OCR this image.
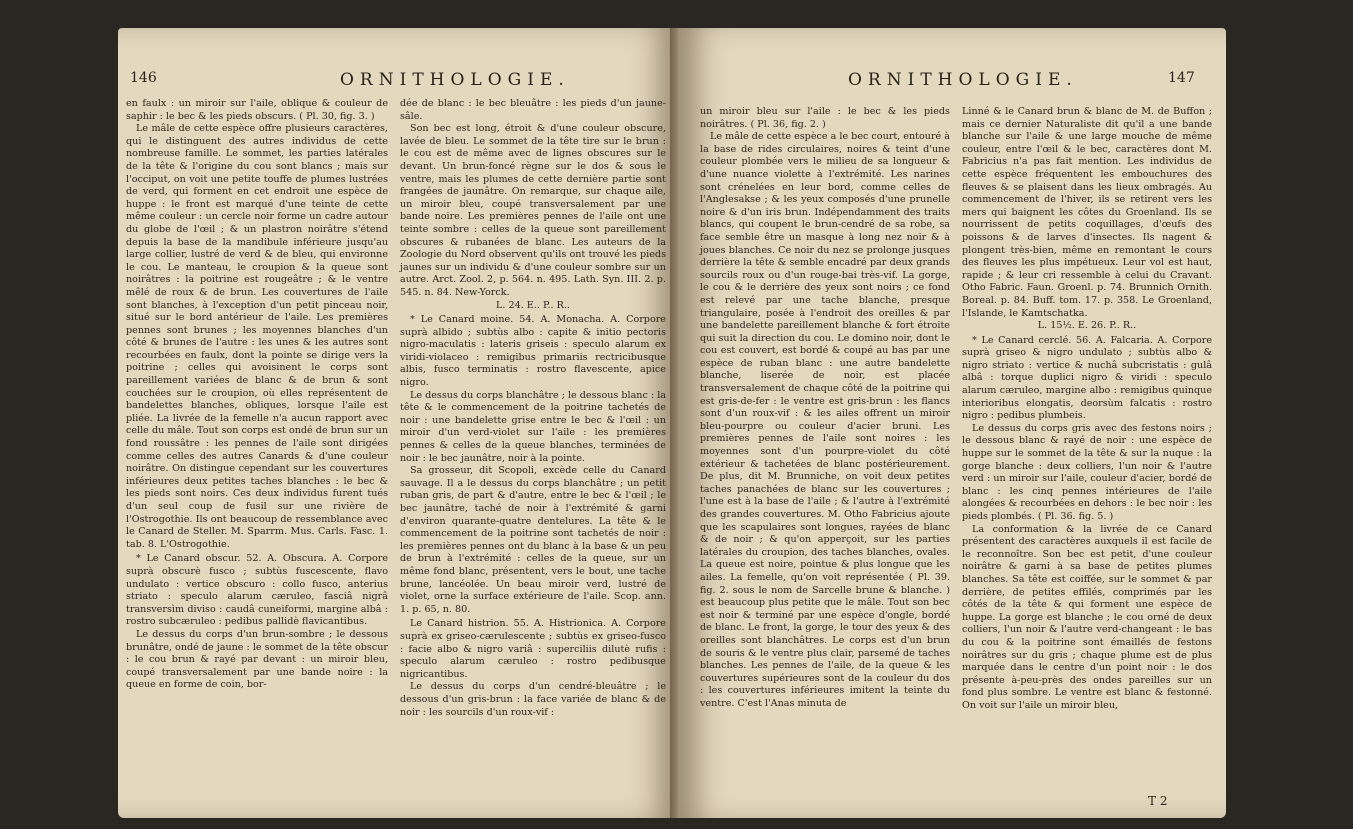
146	ORNITHOLOGIE.

en faulx : un miroir sur l'aile, oblique & couleur de saphir : le bec & les pieds obscurs. ( Pl. 30, fig. 3. )

Le mâle de cette espèce offre plusieurs caractères, qui le distinguent des autres individus de cette nombreuse famille. Le sommet, les parties latérales de la tête & l'origine du cou sont blancs ; mais sur l'occiput, on voit une petite touffe de plumes lustrées de verd, qui forment en cet endroit une espèce de huppe : le front est marqué d'une teinte de cette même couleur : un cercle noir forme un cadre autour du globe de l'œil ; & un plastron noirâtre s'étend depuis la base de la mandibule inférieure jusqu'au large collier, lustré de verd & de bleu, qui environne le cou. Le manteau, le croupion & la queue sont noirâtres : la poitrine est rougeâtre ; & le ventre mêlé de roux & de brun. Les couvertures de l'aile sont blanches, à l'exception d'un petit pinceau noir, situé sur le bord antérieur de l'aile. Les premières pennes sont brunes ; les moyennes blanches d'un côté & brunes de l'autre : les unes & les autres sont recourbées en faulx, dont la pointe se dirige vers la poitrine ; celles qui avoisinent le corps sont pareillement variées de blanc & de brun & sont couchées sur le croupion, où elles représentent de bandelettes blanches, obliques, lorsque l'aile est pliée. La livrée de la femelle n'a aucun rapport avec celle du mâle. Tout son corps est ondé de brun sur un fond roussâtre : les pennes de l'aile sont dirigées comme celles des autres Canards & d'une couleur noirâtre. On distingue cependant sur les couvertures inférieures deux petites taches blanches : le bec & les pieds sont noirs. Ces deux individus furent tués d'un seul coup de fusil sur une rivière de l'Ostrogothie. Ils ont beaucoup de ressemblance avec le Canard de Steller. M. Sparrm. Mus. Carls. Fasc. 1. tab. 8. L'Ostrogothie.

* Le Canard obscur. 52. A. Obscura. A. Corpore suprà obscurè fusco ; subtùs fuscescente, flavo undulato : vertice obscuro : collo fusco, anterius striato : speculo alarum cæruleo, fasciâ nigrâ transversìm diviso : caudâ cuneiformi, margine albâ : rostro subcæruleo : pedibus pallidè flavicantibus.

Le dessus du corps d'un brun-sombre ; le dessous brunâtre, ondé de jaune : le sommet de la tête obscur : le cou brun & rayé par devant : un miroir bleu, coupé transversalement par une bande noire : la queue en forme de coin, bor-

dée de blanc : le bec bleuâtre : les pieds d'un jaune-sâle.

Son bec est long, étroit & d'une couleur obscure, lavée de bleu. Le sommet de la tête tire sur le brun : le cou est de même avec de lignes obscures sur le devant. Un brun-foncé règne sur le dos & sous le ventre, mais les plumes de cette dernière partie sont frangées de jaunâtre. On remarque, sur chaque aile, un miroir bleu, coupé transversalement par une bande noire. Les premières pennes de l'aile ont une teinte sombre : celles de la queue sont pareillement obscures & rubanées de blanc. Les auteurs de la Zoologie du Nord observent qu'ils ont trouvé les pieds jaunes sur un individu & d'une couleur sombre sur un autre. Arct. Zool. 2, p. 564. n. 495. Lath. Syn. III. 2. p. 545. n. 84. New-Yorck.

L. 24. E.. P.. R..

* Le Canard moine. 54. A. Monacha. A. Corpore suprà albido ; subtùs albo : capite & initio pectoris nigro-maculatis : lateris griseis : speculo alarum ex viridi-violaceo : remigibus primariis rectricibusque albis, fusco terminatis : rostro flavescente, apice nigro.

Le dessus du corps blanchâtre ; le dessous blanc : la tête & le commencement de la poitrine tachetés de noir : une bandelette grise entre le bec & l'œil : un miroir d'un verd-violet sur l'aile : les premières pennes & celles de la queue blanches, terminées de noir : le bec jaunâtre, noir à la pointe.

Sa grosseur, dit Scopoli, excède celle du Canard sauvage. Il a le dessus du corps blanchâtre ; un petit ruban gris, de part & d'autre, entre le bec & l'œil ; le bec jaunâtre, taché de noir à l'extrémité & garni d'environ quarante-quatre dentelures. La tête & le commencement de la poitrine sont tachetés de noir : les premières pennes ont du blanc à la base & un peu de brun à l'extrémité : celles de la queue, sur un même fond blanc, présentent, vers le bout, une tache brune, lancéolée. Un beau miroir verd, lustré de violet, orne la surface extérieure de l'aile. Scop. ann. 1. p. 65, n. 80.

Le Canard histrion. 55. A. Histrionica. A. Corpore suprà ex griseo-cærulescente ; subtùs ex griseo-fusco : facie albo & nigro variâ : superciliis dilutè rufis : speculo alarum cæruleo : rostro pedibusque nigricantibus.

Le dessus du corps d'un cendré-bleuâtre ; le dessous d'un gris-brun : la face variée de blanc & de noir : les sourcils d'un roux-vif :

ORNITHOLOGIE.	147

un miroir bleu sur l'aile : le bec & les pieds noirâtres. ( Pl. 36, fig. 2. )

Le mâle de cette espèce a le bec court, entouré à la base de rides circulaires, noires & teint d'une couleur plombée vers le milieu de sa longueur & d'une nuance violette à l'extrémité. Les narines sont crénelées en leur bord, comme celles de l'Anglesakse ; & les yeux composés d'une prunelle noire & d'un iris brun. Indépendamment des traits blancs, qui coupent le brun-cendré de sa robe, sa face semble être un masque à long nez noir & à joues blanches. Ce noir du nez se prolonge jusques derrière la tête & semble encadré par deux grands sourcils roux ou d'un rouge-bai très-vif. La gorge, le cou & le derrière des yeux sont noirs ; ce fond est relevé par une tache blanche, presque triangulaire, posée à l'endroit des oreilles & par une bandelette pareillement blanche & fort étroite qui suit la direction du cou. Le domino noir, dont le cou est couvert, est bordé & coupé au bas par une espèce de ruban blanc : une autre bandelette blanche, liserée de noir, est placée transversalement de chaque côté de la poitrine qui est gris-de-fer : le ventre est gris-brun : les flancs sont d'un roux-vif : & les ailes offrent un miroir bleu-pourpre ou couleur d'acier bruni. Les premières pennes de l'aile sont noires : les moyennes sont d'un pourpre-violet du côté extérieur & tachetées de blanc postérieurement. De plus, dit M. Brunniche, on voit deux petites taches panachées de blanc sur les couvertures ; l'une est à la base de l'aile ; & l'autre à l'extrémité des grandes couvertures. M. Otho Fabricius ajoute que les scapulaires sont longues, rayées de blanc & de noir ; & qu'on apperçoit, sur les parties latérales du croupion, des taches blanches, ovales. La queue est noire, pointue & plus longue que les ailes. La femelle, qu'on voit représentée ( Pl. 39. fig. 2. sous le nom de Sarcelle brune & blanche. ) est beaucoup plus petite que le mâle. Tout son bec est noir & terminé par une espèce d'ongle, bordé de blanc. Le front, la gorge, le tour des yeux & des oreilles sont blanchâtres. Le corps est d'un brun de souris & le ventre plus clair, parsemé de taches blanches. Les pennes de l'aile, de la queue & les couvertures supérieures sont de la couleur du dos : les couvertures inférieures imitent la teinte du ventre. C'est l'Anas minuta de

Linné & le Canard brun & blanc de M. de Buffon ; mais ce dernier Naturaliste dit qu'il a une bande blanche sur l'aile & une large mouche de même couleur, entre l'œil & le bec, caractères dont M. Fabricius n'a pas fait mention. Les individus de cette espèce fréquentent les embouchures des fleuves & se plaisent dans les lieux ombragés. Au commencement de l'hiver, ils se retirent vers les mers qui baignent les côtes du Groenland. Ils se nourrissent de petits coquillages, d'œufs des poissons & de larves d'insectes. Ils nagent & plongent très-bien, même en remontant le cours des fleuves les plus impétueux. Leur vol est haut, rapide ; & leur cri ressemble à celui du Cravant. Otho Fabric. Faun. Groenl. p. 74. Brunnich Ornith. Boreal. p. 84. Buff. tom. 17. p. 358. Le Groenland, l'Islande, le Kamtschatka.

L. 15½. E. 26. P.. R..

* Le Canard cerclé. 56. A. Falcaria. A. Corpore suprà griseo & nigro undulato ; subtùs albo & nigro striato : vertice & nuchâ subcristatis : gulâ albâ : torque duplici nigro & viridi : speculo alarum cæruleo, margine albo : remigibus quinque interioribus elongatis, deorsùm falcatis : rostro nigro : pedibus plumbeis.

Le dessus du corps gris avec des festons noirs ; le dessous blanc & rayé de noir : une espèce de huppe sur le sommet de la tête & sur la nuque : la gorge blanche : deux colliers, l'un noir & l'autre verd : un miroir sur l'aile, couleur d'acier, bordé de blanc : les cinq pennes intérieures de l'aile alongées & recourbées en dehors : le bec noir : les pieds plombés. ( Pl. 36. fig. 5. )

La conformation & la livrée de ce Canard présentent des caractères auxquels il est facile de le reconnoître. Son bec est petit, d'une couleur noirâtre & garni à sa base de petites plumes blanches. Sa tête est coiffée, sur le sommet & par derrière, de petites effilés, comprimés par les côtés de la tête & qui forment une espèce de huppe. La gorge est blanche ; le cou orné de deux colliers, l'un noir & l'autre verd-changeant : le bas du cou & la poitrine sont émaillés de festons noirâtres sur du gris ; chaque plume est de plus marquée dans le centre d'un point noir : le dos présente à-peu-près des ondes pareilles sur un fond plus sombre. Le ventre est blanc & festonné. On voit sur l'aile un miroir bleu,

T 2
